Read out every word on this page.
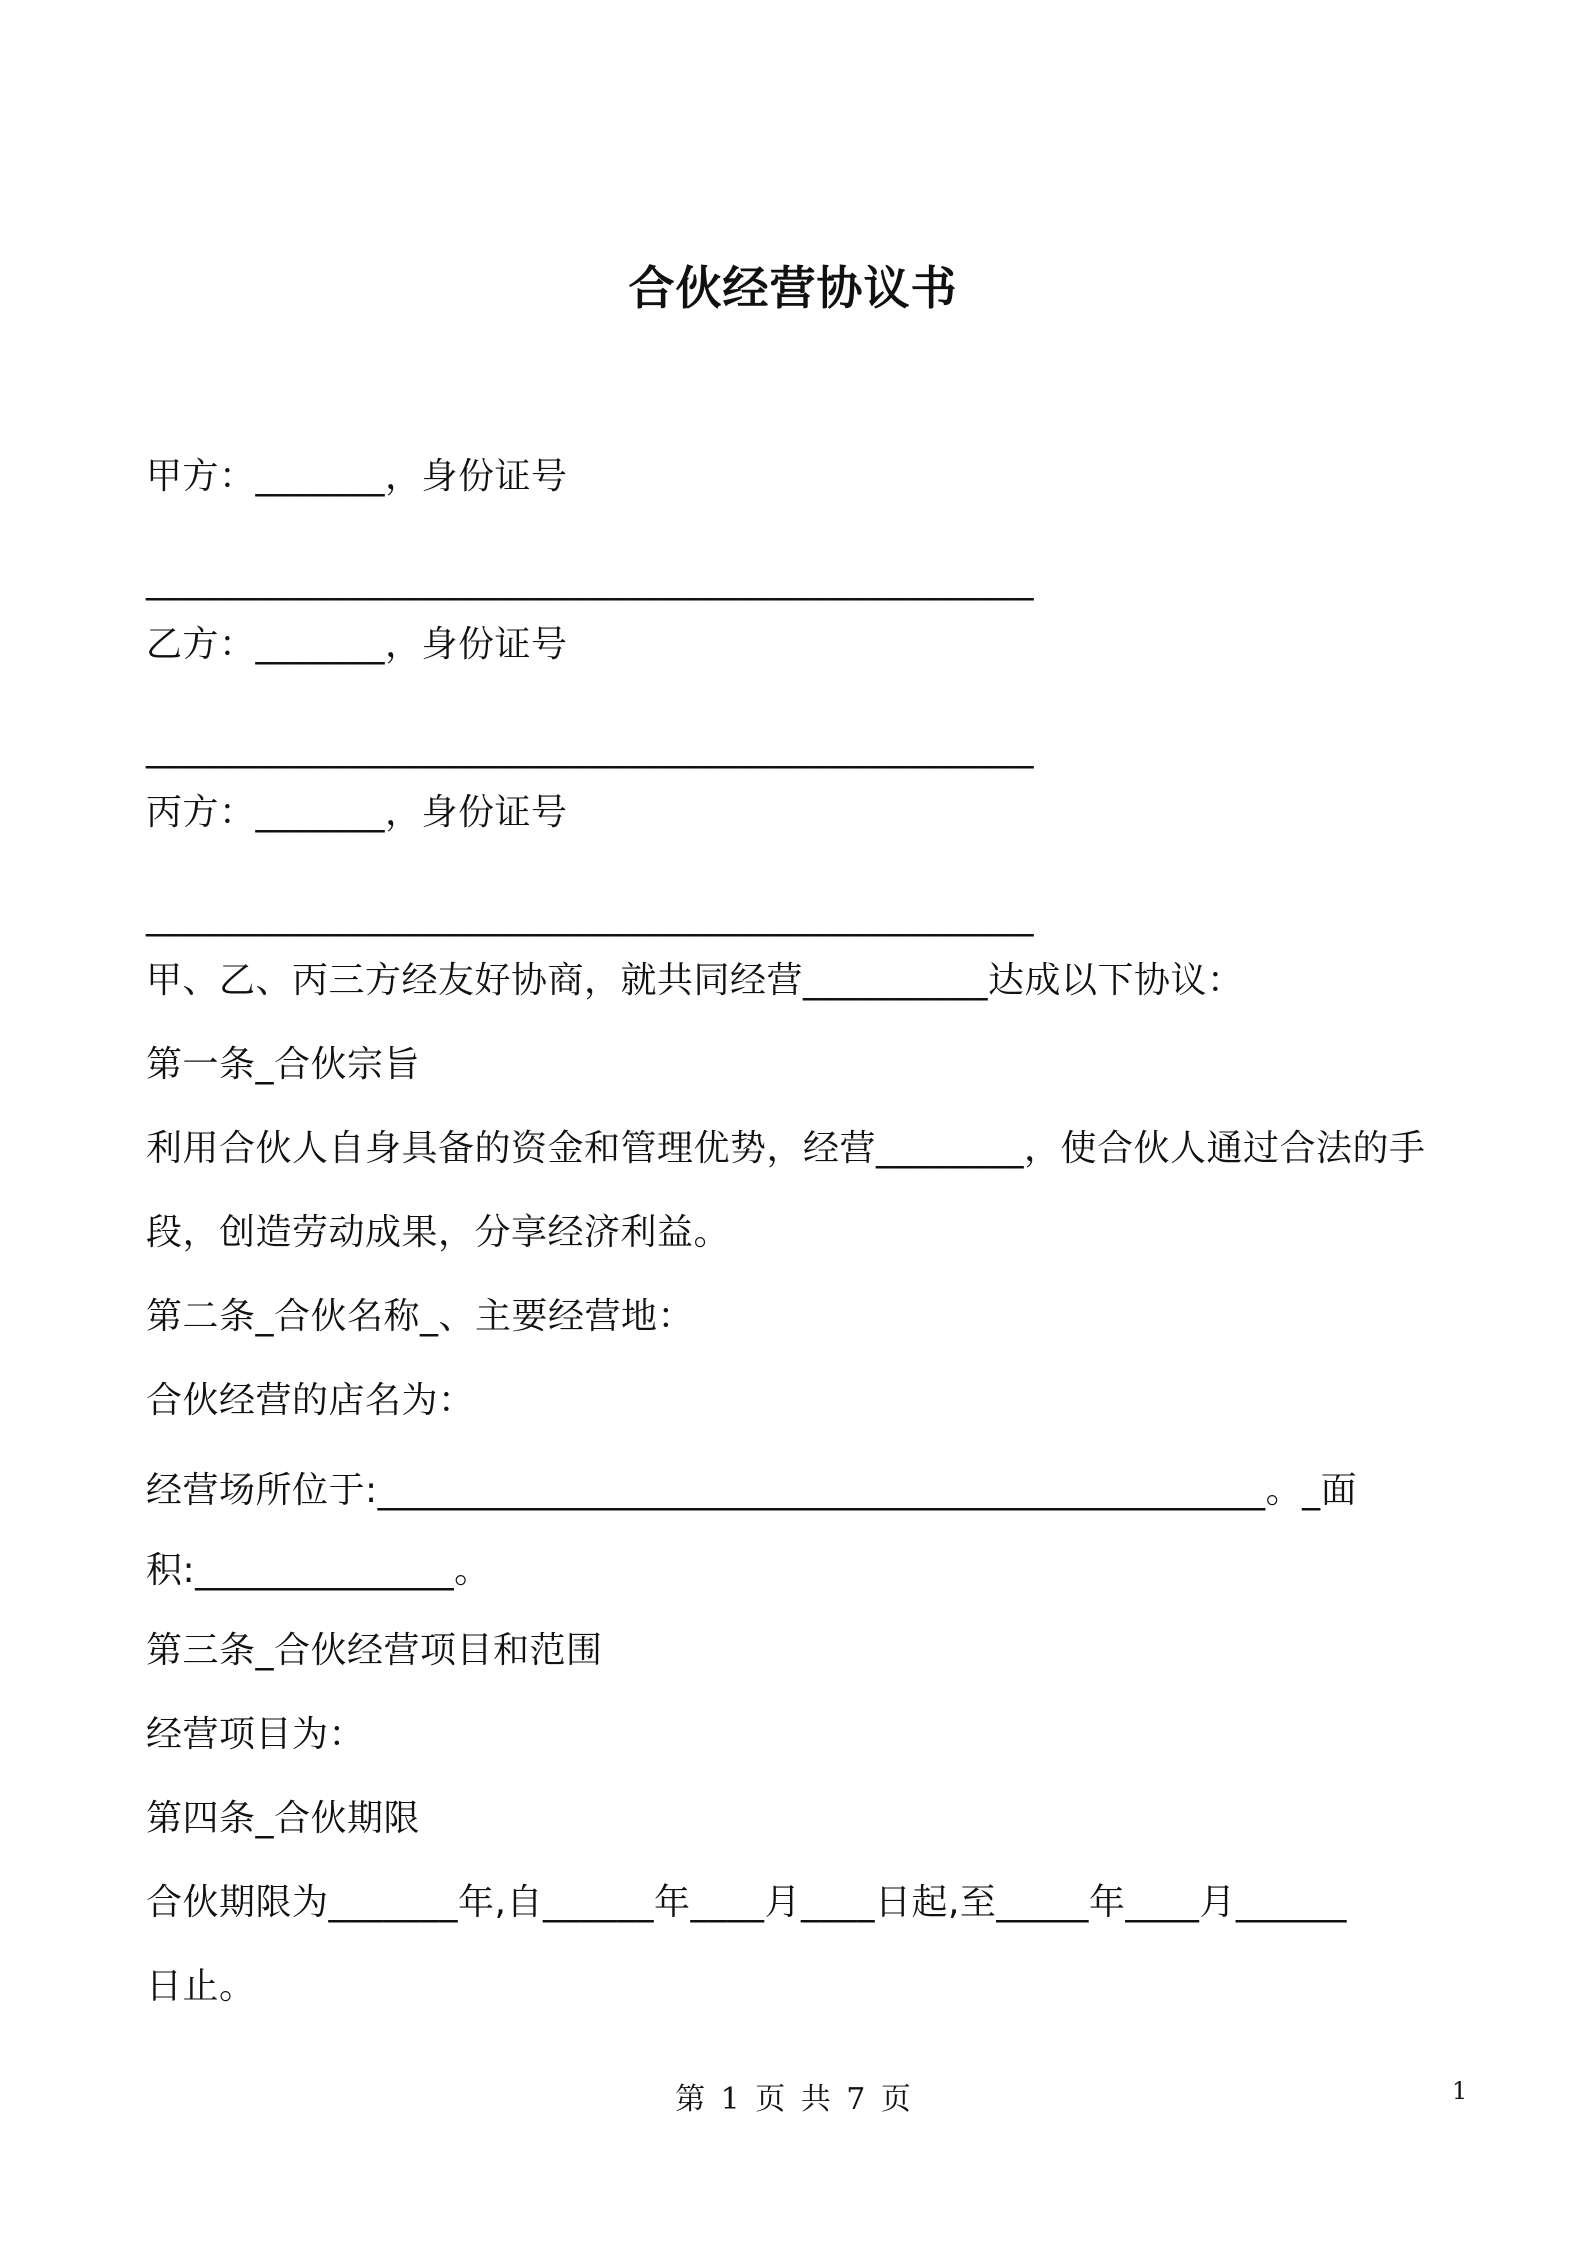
合伙经营协议书
甲方：_______，身份证号
________________________________________________
乙方：_______，身份证号
________________________________________________
丙方：_______，身份证号
________________________________________________
甲、乙、丙三方经友好协商，就共同经营__________达成以下协议：
第一条_合伙宗旨
利用合伙人自身具备的资金和管理优势，经营________，使合伙人通过合法的手
段，创造劳动成果，分享经济利益。
第二条_合伙名称_、主要经营地：
合伙经营的店名为：
经营场所位于:________________________________________________。_面
积:______________。
第三条_合伙经营项目和范围
经营项目为：
第四条_合伙期限
合伙期限为_______年,自______年____月____日起,至_____年____月______
日止。
第 1 页 共 7 页	1
